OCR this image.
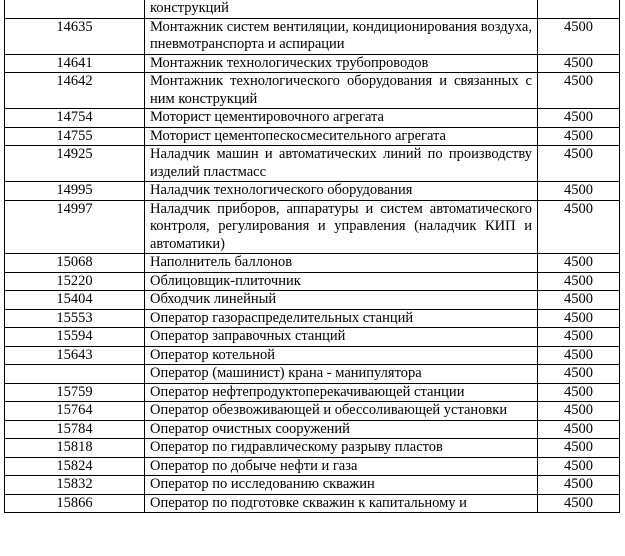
	конструкций	
14635	Монтажник систем вентиляции, кондиционирования воздуха, пневмотранспорта и аспирации	4500
14641	Монтажник технологических трубопроводов	4500
14642	Монтажник технологического оборудования и связанных с ним конструкций	4500
14754	Моторист цементировочного агрегата	4500
14755	Моторист цементопескосмесительного агрегата	4500
14925	Наладчик машин и автоматических линий по производству изделий пластмасс	4500
14995	Наладчик технологического оборудования	4500
14997	Наладчик приборов, аппаратуры и систем автоматического контроля, регулирования и управления (наладчик КИП и автоматики)	4500
15068	Наполнитель баллонов	4500
15220	Облицовщик-плиточник	4500
15404	Обходчик линейный	4500
15553	Оператор газораспределительных станций	4500
15594	Оператор заправочных станций	4500
15643	Оператор котельной	4500
	Оператор (машинист) крана - манипулятора	4500
15759	Оператор нефтепродуктоперекачивающей станции	4500
15764	Оператор обезвоживающей и обессоливающей установки	4500
15784	Оператор очистных сооружений	4500
15818	Оператор по гидравлическому разрыву пластов	4500
15824	Оператор по добыче нефти и газа	4500
15832	Оператор по исследованию скважин	4500
15866	Оператор по подготовке скважин к капитальному и	4500
